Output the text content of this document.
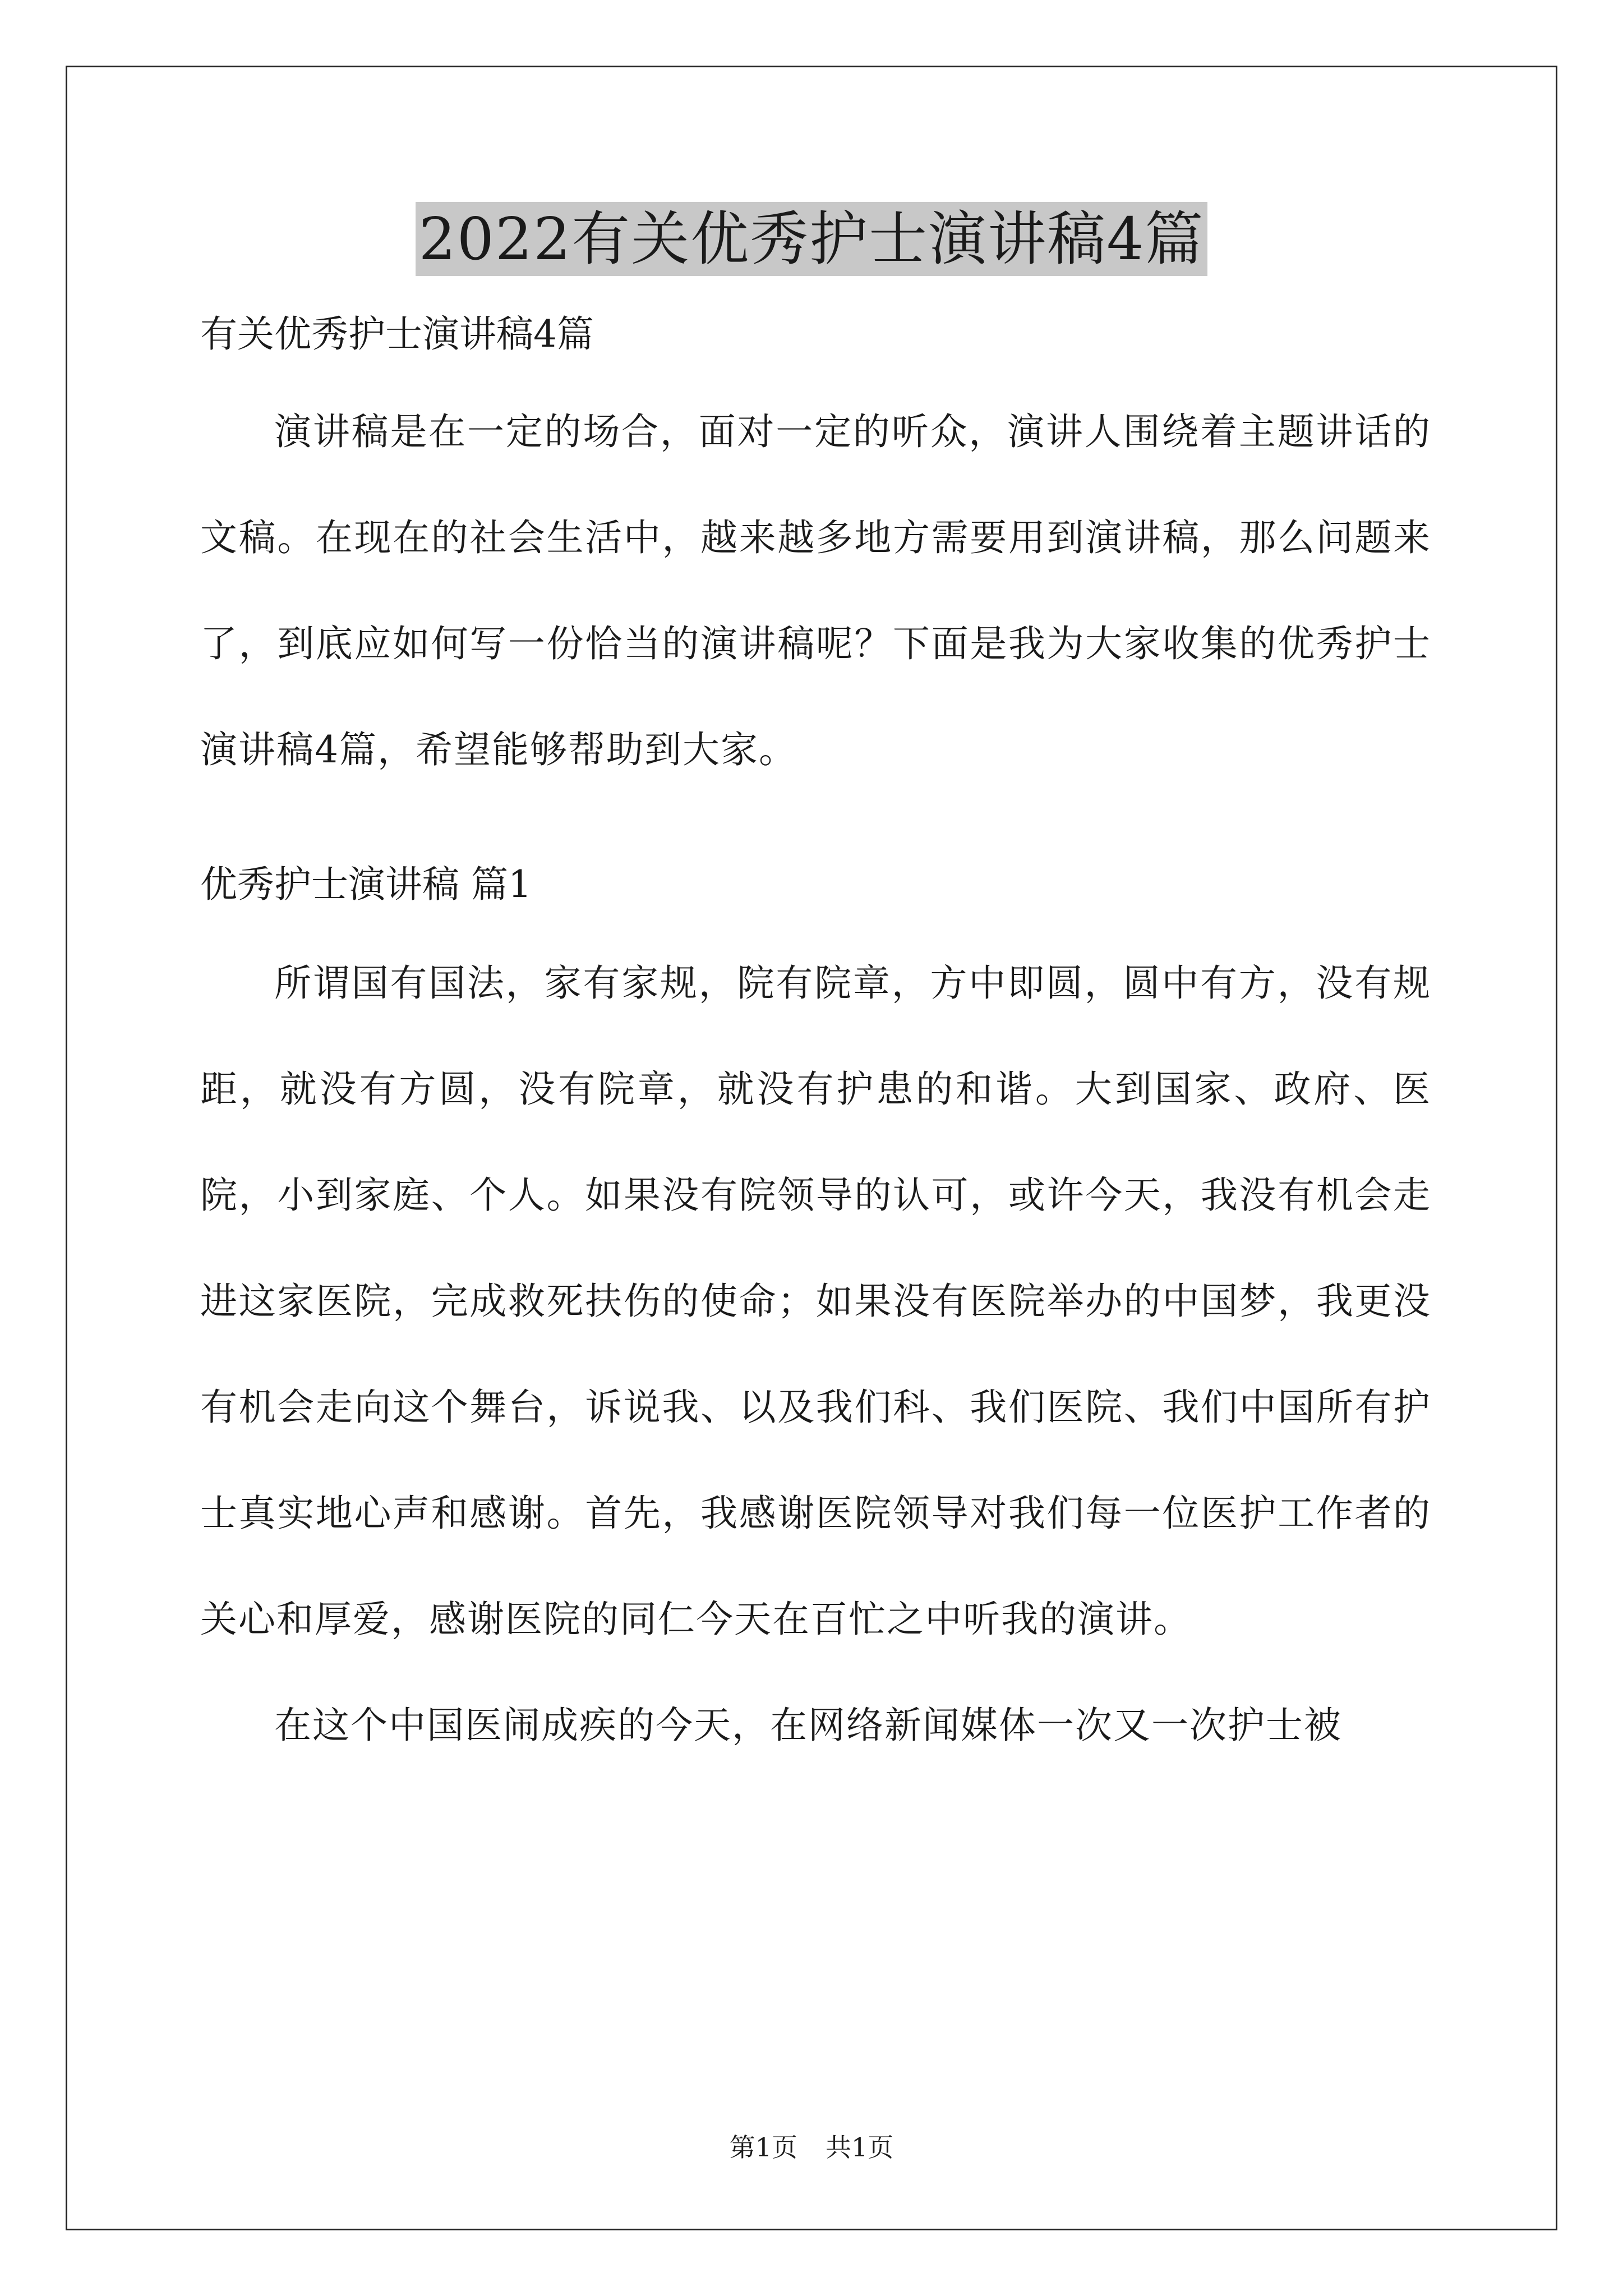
2022有关优秀护士演讲稿4篇

有关优秀护士演讲稿4篇

演讲稿是在一定的场合，面对一定的听众，演讲人围绕着主题讲话的文稿。在现在的社会生活中，越来越多地方需要用到演讲稿，那么问题来了，到底应如何写一份恰当的演讲稿呢？下面是我为大家收集的优秀护士演讲稿4篇，希望能够帮助到大家。

优秀护士演讲稿 篇1

所谓国有国法，家有家规，院有院章，方中即圆，圆中有方，没有规距，就没有方圆，没有院章，就没有护患的和谐。大到国家、政府、医院，小到家庭、个人。如果没有院领导的认可，或许今天，我没有机会走进这家医院，完成救死扶伤的使命；如果没有医院举办的中国梦，我更没有机会走向这个舞台，诉说我、以及我们科、我们医院、我们中国所有护士真实地心声和感谢。首先，我感谢医院领导对我们每一位医护工作者的关心和厚爱，感谢医院的同仁今天在百忙之中听我的演讲。

在这个中国医闹成疾的今天，在网络新闻媒体一次又一次护士被

第1页 共1页
